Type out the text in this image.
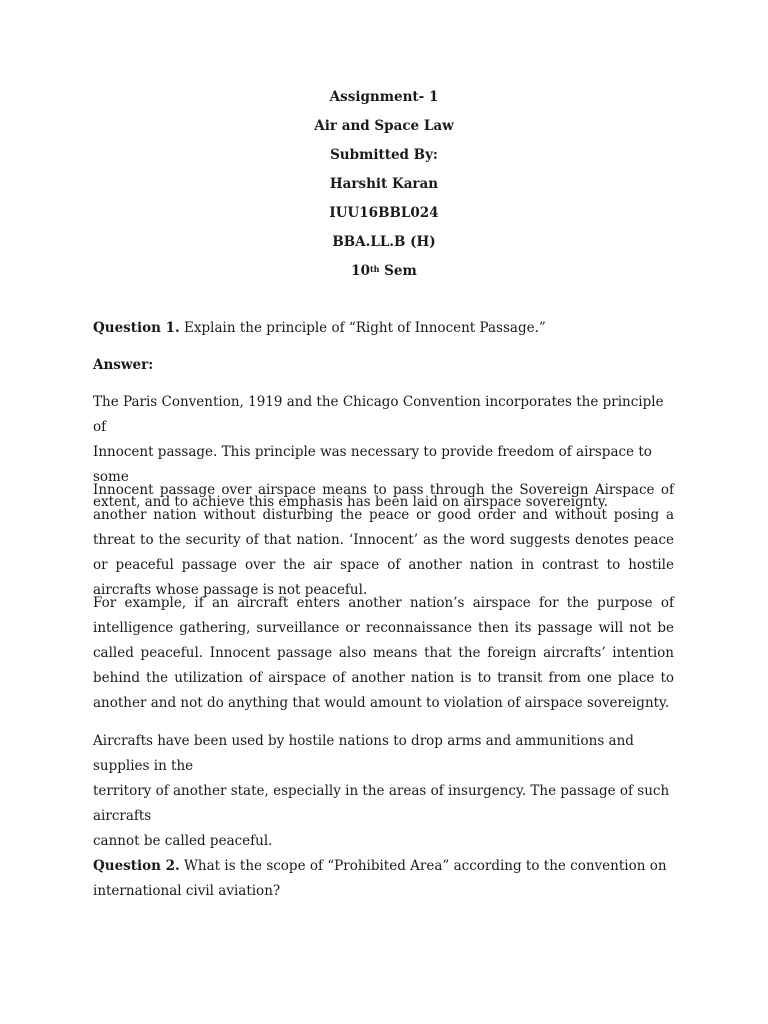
Assignment- 1
Air and Space Law
Submitted By:
Harshit Karan
IUU16BBL024
BBA.LL.B (H)
10th Sem
Question 1. Explain the principle of “Right of Innocent Passage.”
Answer:
The Paris Convention, 1919 and the Chicago Convention incorporates the principle of
Innocent passage. This principle was necessary to provide freedom of airspace to some
extent, and to achieve this emphasis has been laid on airspace sovereignty.
Innocent passage over airspace means to pass through the Sovereign Airspace of another nation without disturbing the peace or good order and without posing a threat to the security of that nation. ‘Innocent’ as the word suggests denotes peace or peaceful passage over the air space of another nation in contrast to hostile aircrafts whose passage is not peaceful.
For example, if an aircraft enters another nation’s airspace for the purpose of intelligence gathering, surveillance or reconnaissance then its passage will not be called peaceful. Innocent passage also means that the foreign aircrafts’ intention behind the utilization of airspace of another nation is to transit from one place to another and not do anything that would amount to violation of airspace sovereignty.
Aircrafts have been used by hostile nations to drop arms and ammunitions and supplies in the
territory of another state, especially in the areas of insurgency. The passage of such aircrafts
cannot be called peaceful.
Question 2. What is the scope of “Prohibited Area” according to the convention on
international civil aviation?
